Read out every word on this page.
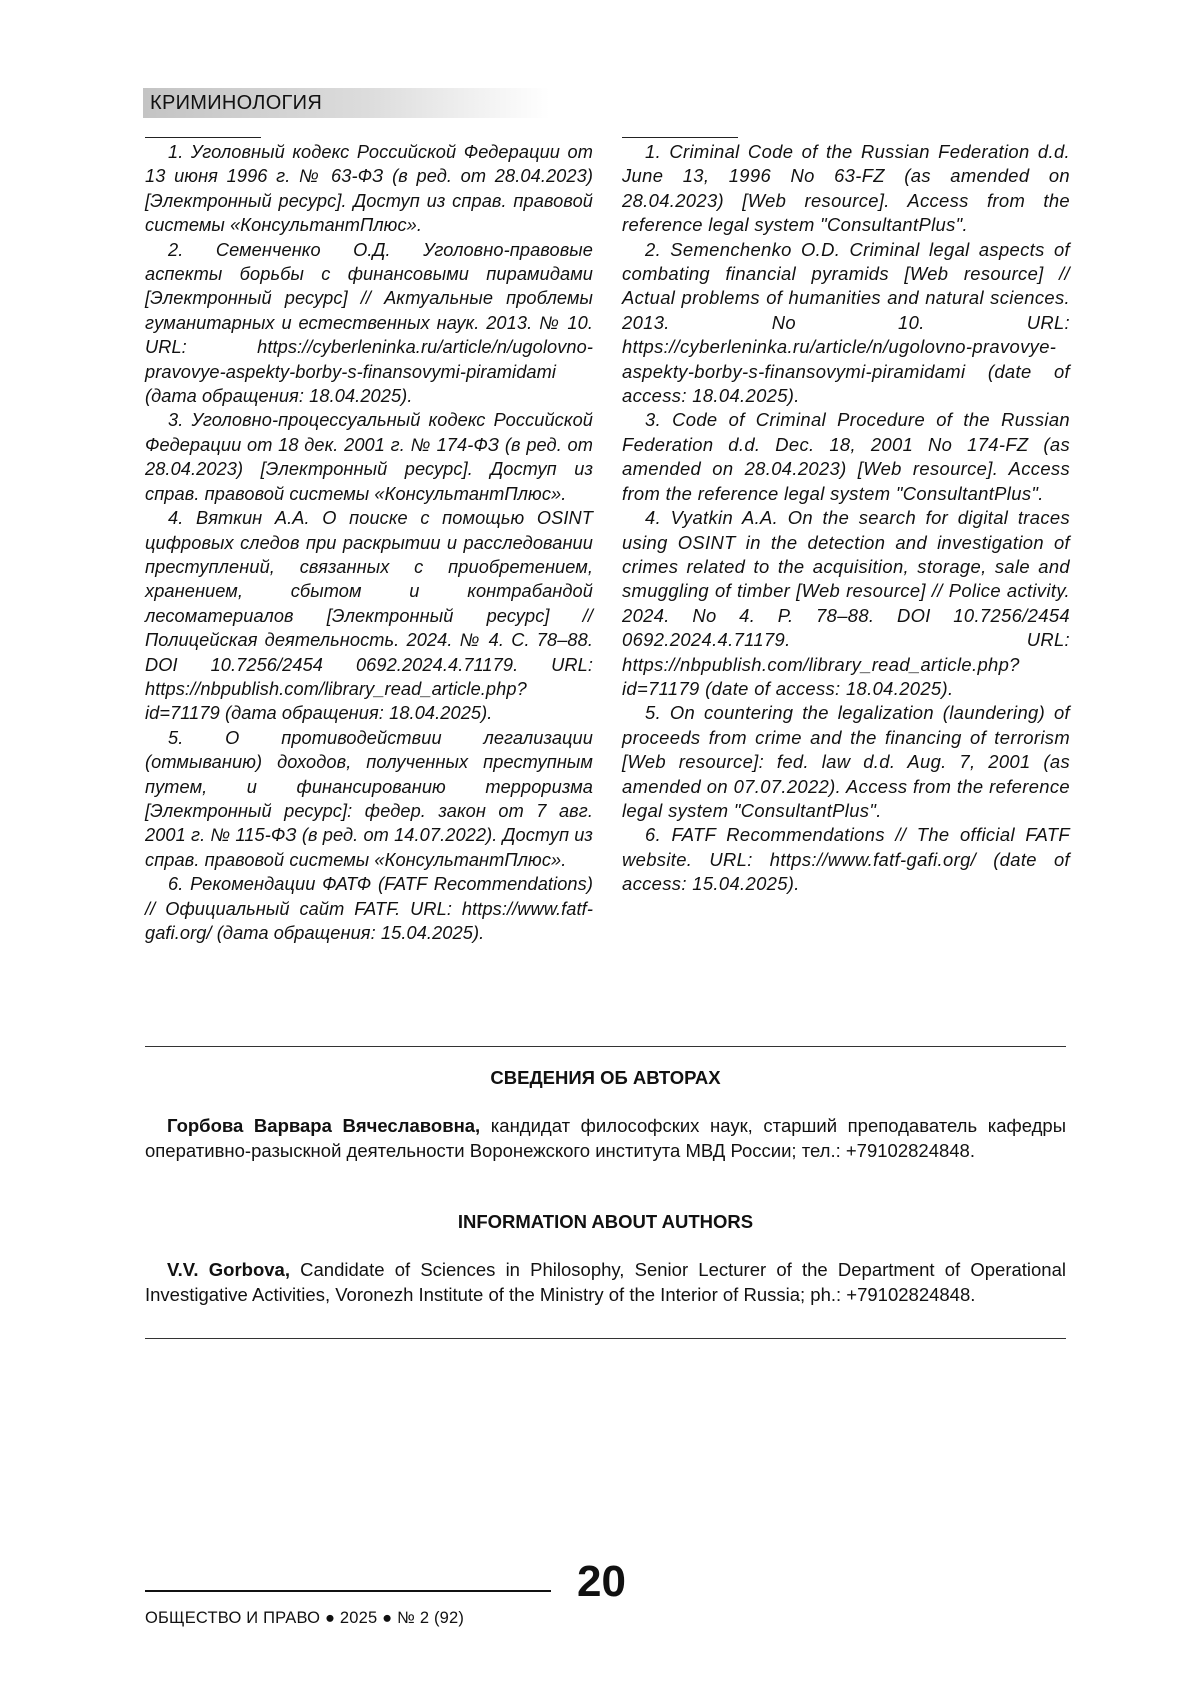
КРИМИНОЛОГИЯ
1. Уголовный кодекс Российской Федерации от 13 июня 1996 г. № 63-ФЗ (в ред. от 28.04.2023) [Электронный ресурс]. Доступ из справ. правовой системы «КонсультантПлюс».
2. Семенченко О.Д. Уголовно-правовые аспекты борьбы с финансовыми пирамидами [Электронный ресурс] // Актуальные проблемы гуманитарных и естественных наук. 2013. № 10. URL: https://cyberleninka.ru/article/n/ugolovno-pravovye-aspekty-borby-s-finansovymi-piramidami (дата обращения: 18.04.2025).
3. Уголовно-процессуальный кодекс Российской Федерации от 18 дек. 2001 г. № 174-ФЗ (в ред. от 28.04.2023) [Электронный ресурс]. Доступ из справ. правовой системы «КонсультантПлюс».
4. Вяткин А.А. О поиске с помощью OSINT цифровых следов при раскрытии и расследовании преступлений, связанных с приобретением, хранением, сбытом и контрабандой лесоматериалов [Электронный ресурс] // Полицейская деятельность. 2024. № 4. С. 78–88. DOI 10.7256/2454 0692.2024.4.71179. URL: https://nbpublish.com/library_read_article.php?id=71179 (дата обращения: 18.04.2025).
5. О противодействии легализации (отмыванию) доходов, полученных преступным путем, и финансированию терроризма [Электронный ресурс]: федер. закон от 7 авг. 2001 г. № 115-ФЗ (в ред. от 14.07.2022). Доступ из справ. правовой системы «КонсультантПлюс».
6. Рекомендации ФАТФ (FATF Recommendations) // Официальный сайт FATF. URL: https://www.fatf-gafi.org/ (дата обращения: 15.04.2025).
1. Criminal Code of the Russian Federation d.d. June 13, 1996 No 63-FZ (as amended on 28.04.2023) [Web resource]. Access from the reference legal system "ConsultantPlus".
2. Semenchenko O.D. Criminal legal aspects of combating financial pyramids [Web resource] // Actual problems of humanities and natural sciences. 2013. No 10. URL: https://cyberleninka.ru/article/n/ugolovno-pravovye-aspekty-borby-s-finansovymi-piramidami (date of access: 18.04.2025).
3. Code of Criminal Procedure of the Russian Federation d.d. Dec. 18, 2001 No 174-FZ (as amended on 28.04.2023) [Web resource]. Access from the reference legal system "ConsultantPlus".
4. Vyatkin A.A. On the search for digital traces using OSINT in the detection and investigation of crimes related to the acquisition, storage, sale and smuggling of timber [Web resource] // Police activity. 2024. No 4. P. 78–88. DOI 10.7256/2454 0692.2024.4.71179. URL: https://nbpublish.com/library_read_article.php?id=71179 (date of access: 18.04.2025).
5. On countering the legalization (laundering) of proceeds from crime and the financing of terrorism [Web resource]: fed. law d.d. Aug. 7, 2001 (as amended on 07.07.2022). Access from the reference legal system "ConsultantPlus".
6. FATF Recommendations // The official FATF website. URL: https://www.fatf-gafi.org/ (date of access: 15.04.2025).
СВЕДЕНИЯ ОБ АВТОРАХ

Горбова Варвара Вячеславовна, кандидат философских наук, старший преподаватель кафедры оперативно-разыскной деятельности Воронежского института МВД России; тел.: +79102824848.

INFORMATION ABOUT AUTHORS

V.V. Gorbova, Candidate of Sciences in Philosophy, Senior Lecturer of the Department of Operational Investigative Activities, Voronezh Institute of the Ministry of the Interior of Russia; ph.: +79102824848.

20
ОБЩЕСТВО И ПРАВО ● 2025 ● № 2 (92)
